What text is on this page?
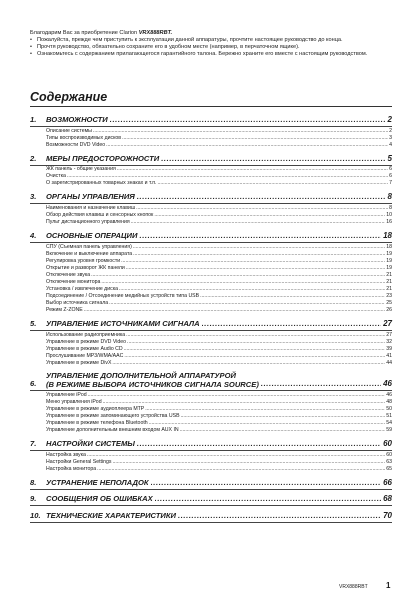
Благодарим Вас за приобретение Clarion VRX888RBT.
• Пожалуйста, прежде чем приступить к эксплуатации данной аппаратуры, прочтите настоящее руководство до конца.
• Прочтя руководство, обязательно сохраните его в удобном месте (например, в перчаточном ящике).
• Ознакомьтесь с содержанием прилагающегося гарантийного талона. Бережно храните его вместе с настоящим руководством.
Содержание
1.	ВОЗМОЖНОСТИ .....	2
Описание системы .....	2
Типы воспроизводимых дисков .....	3
Возможности DVD Video .....	4
2.	МЕРЫ ПРЕДОСТОРОЖНОСТИ .....	5
ЖК панель - общие указания .....	6
Очистка .....	6
О зарегистрированных товарных знаках и т.п. .....	7
3.	ОРГАНЫ УПРАВЛЕНИЯ .....	8
Наименования и назначение клавиш .....	8
Обзор действия клавиш и сенсорных кнопок .....	10
Пульт дистанционного управления .....	16
4.	ОСНОВНЫЕ ОПЕРАЦИИ .....	18
СПУ (Съемная панель управления) .....	18
Включение и выключение аппарата .....	19
Регулировка уровня громкости .....	19
Открытие и разворот ЖК панели .....	19
Отключение звука .....	21
Отключение монитора .....	21
Установка / извлечение диска .....	21
Подсоединение / Отсоединение медийных устройств типа USB .....	23
Выбор источника сигнала .....	25
Режим Z-ZONE .....	26
5.	УПРАВЛЕНИЕ ИСТОЧНИКАМИ СИГНАЛА .....	27
Использование радиоприемника .....	27
Управление в режиме DVD Video .....	32
Управление в режиме Audio CD .....	39
Прослушивание MP3/WMA/AAC .....	41
Управление в режиме DivX .....	44
6.
УПРАВЛЕНИЕ ДОПОЛНИТЕЛЬНОЙ АППАРАТУРОЙ
(В РЕЖИМЕ ВЫБОРА ИСТОЧНИКОВ СИГНАЛА SOURCE) .....	46
Управление iPod .....	46
Меню управления iPod .....	48
Управление в режиме аудиоплеера MTP .....	50
Управление в режиме запоминающего устройства USB .....	51
Управление в режиме телефона Bluetooth .....	54
Управление дополнительным внешним входом AUX IN .....	59
7.	НАСТРОЙКИ СИСТЕМЫ .....	60
Настройка звука .....	60
Настройки General Settings .....	63
Настройка монитора .....	65
8.	УСТРАНЕНИЕ НЕПОЛАДОК .....	66
9.	СООБЩЕНИЯ ОБ ОШИБКАХ .....	68
10. ТЕХНИЧЕСКИЕ ХАРАКТЕРИСТИКИ .....	70
VRX888RBT 1
